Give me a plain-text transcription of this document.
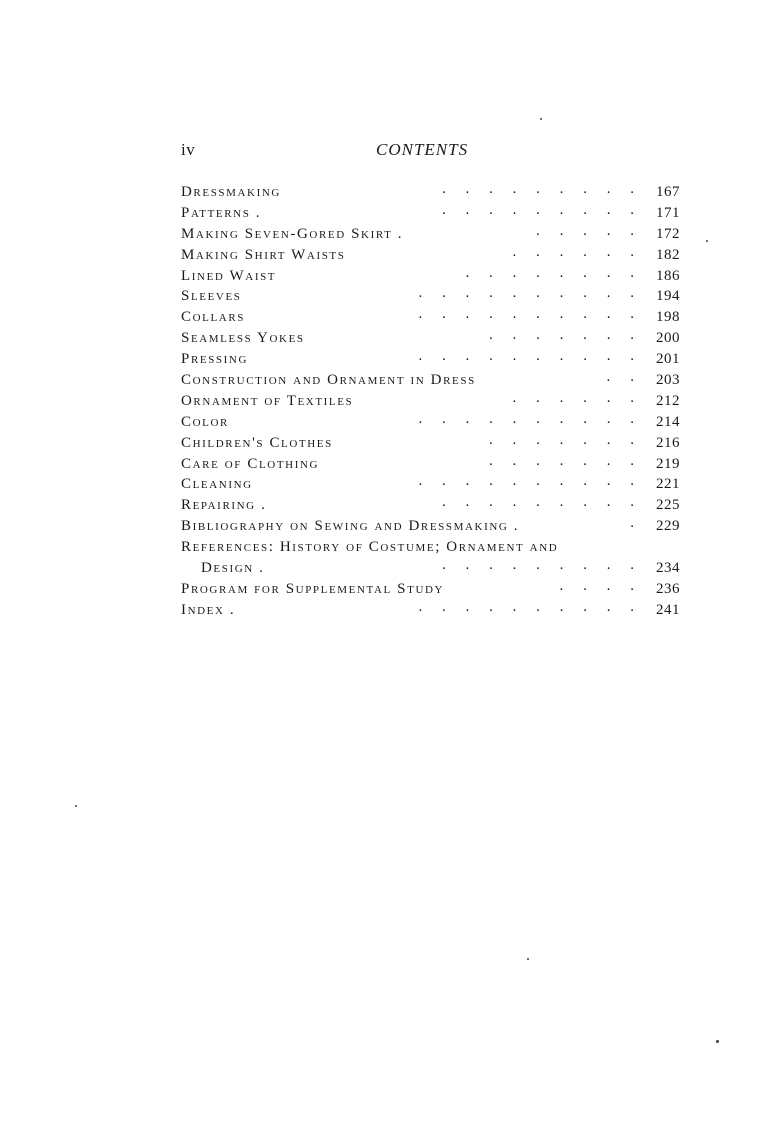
iv	CONTENTS
Dressmaking	. . . . . . . . . 167
Patterns .	. . . . . . . . . 171
Making Seven-Gored Skirt .	. . . . . 172
Making Shirt Waists	. . . . . . 182
Lined Waist	. . . . . . . . 186
Sleeves	. . . . . . . . . . 194
Collars	. . . . . . . . . . 198
Seamless Yokes	. . . . . . . 200
Pressing	. . . . . . . . . . 201
Construction and Ornament in Dress	. . 203
Ornament of Textiles	. . . . . . 212
Color	. . . . . . . . . . 214
Children's Clothes	. . . . . . . 216
Care of Clothing	. . . . . . . 219
Cleaning	. . . . . . . . . . 221
Repairing .	. . . . . . . . . 225
Bibliography on Sewing and Dressmaking .	. 229
References: History of Costume; Ornament and
Design .	. . . . . . . . . 234
Program for Supplemental Study	. . . . 236
Index .	. . . . . . . . . . 241
